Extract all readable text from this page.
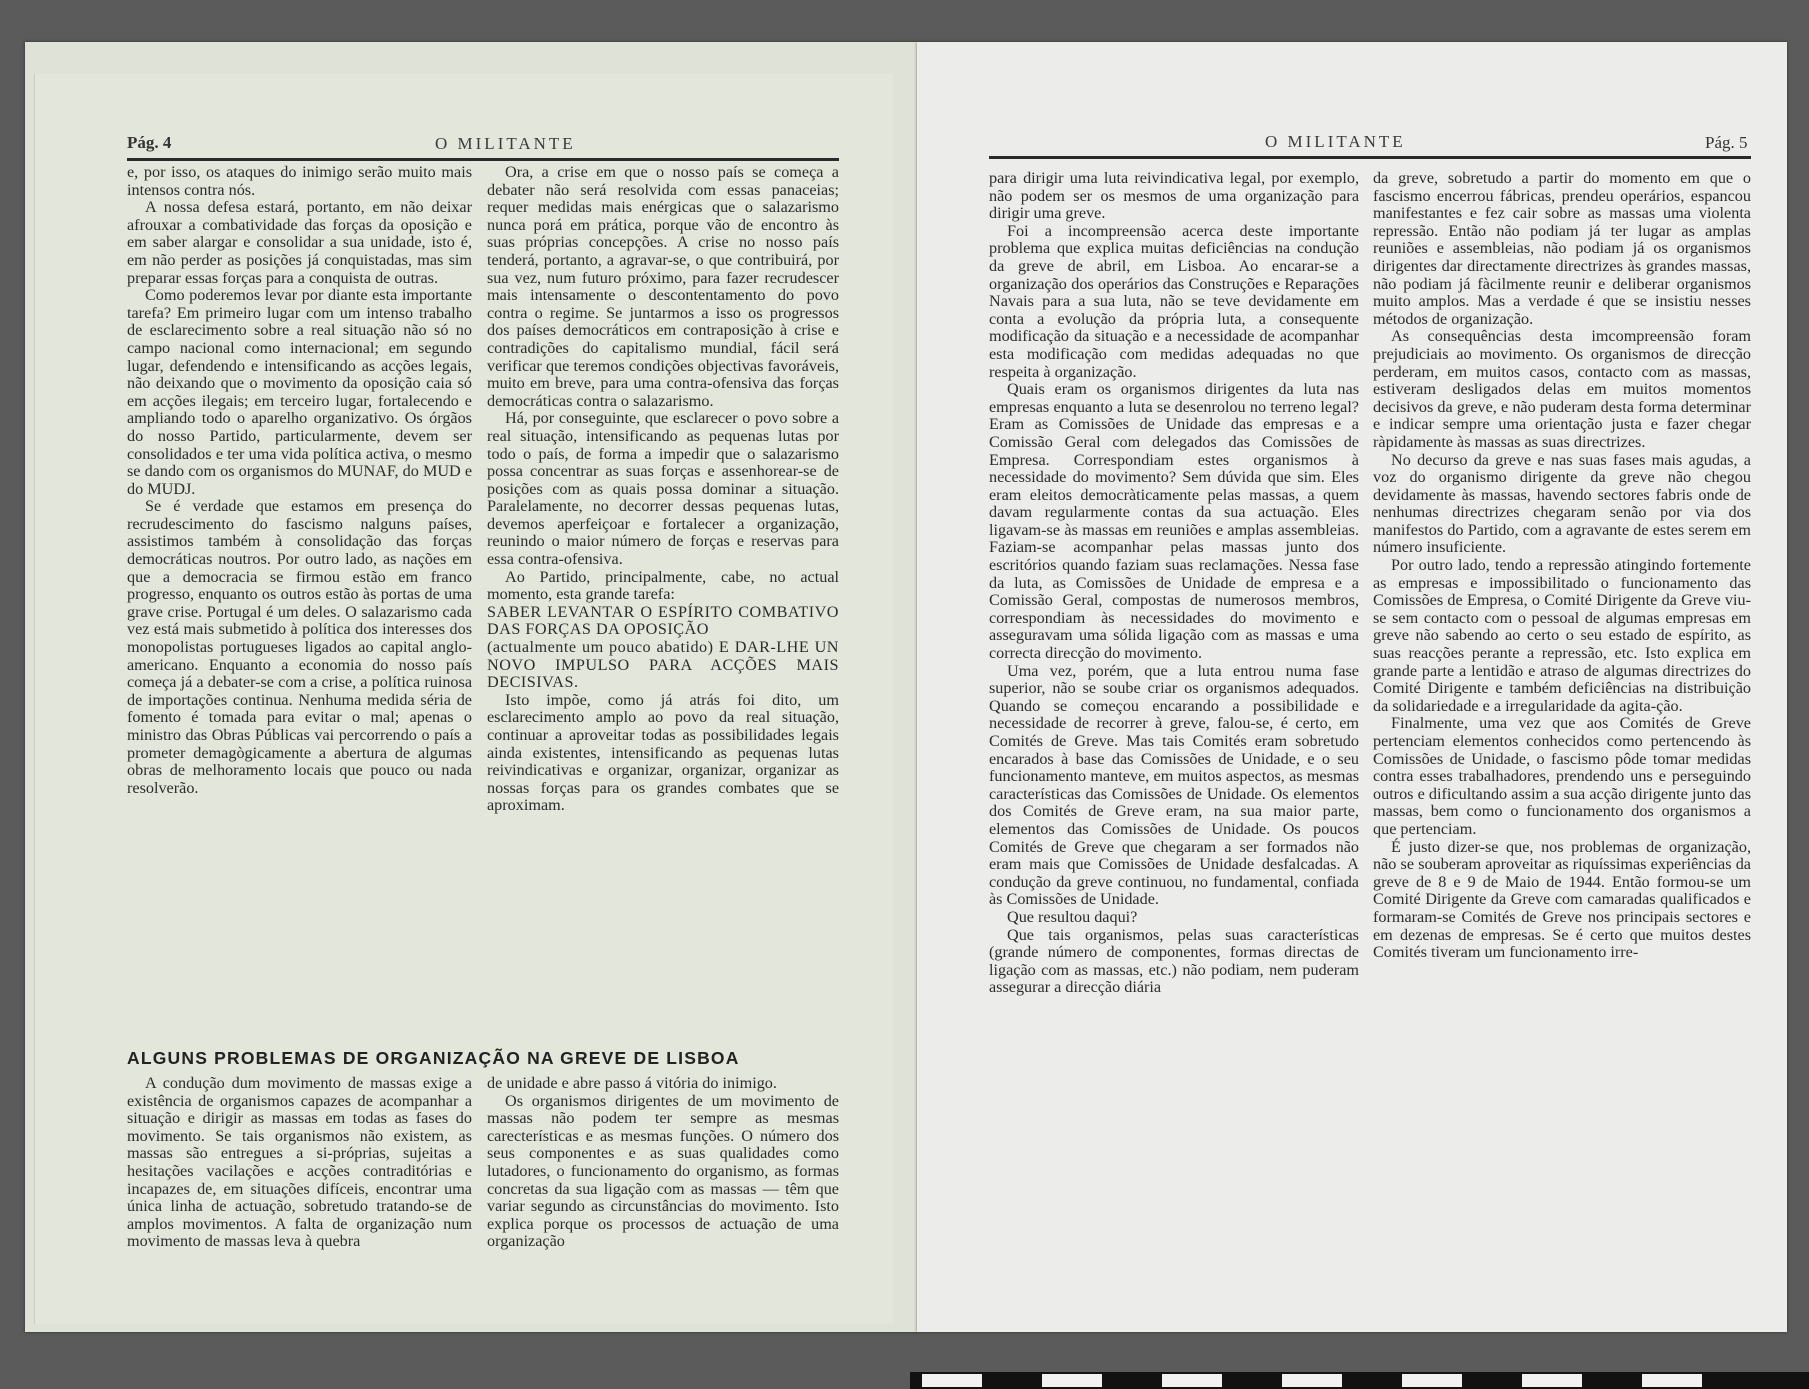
Pág. 4	O MILITANTE

e, por isso, os ataques do inimigo serão muito mais intensos contra nós.

A nossa defesa estará, portanto, em não deixar afrouxar a combatividade das forças da oposição e em saber alargar e consolidar a sua unidade, isto é, em não perder as posições já conquistadas, mas sim preparar essas forças para a conquista de outras.

Como poderemos levar por diante esta importante tarefa? Em primeiro lugar com um intenso trabalho de esclarecimento sobre a real situação não só no campo nacional como internacional; em segundo lugar, defendendo e intensificando as acções legais, não deixando que o movimento da oposição caia só em acções ilegais; em terceiro lugar, fortalecendo e ampliando todo o aparelho organizativo. Os órgãos do nosso Partido, particularmente, devem ser consolidados e ter uma vida política activa, o mesmo se dando com os organismos do MUNAF, do MUD e do MUDJ.

Se é verdade que estamos em presença do recrudescimento do fascismo nalguns países, assistimos também à consolidação das forças democráticas noutros. Por outro lado, as nações em que a democracia se firmou estão em franco progresso, enquanto os outros estão às portas de uma grave crise. Portugal é um deles. O salazarismo cada vez está mais submetido à política dos interesses dos monopolistas portugueses ligados ao capital anglo-americano. Enquanto a economia do nosso país começa já a debater-se com a crise, a política ruinosa de importações continua. Nenhuma medida séria de fomento é tomada para evitar o mal; apenas o ministro das Obras Públicas vai percorrendo o país a prometer demagògicamente a abertura de algumas obras de melhoramento locais que pouco ou nada resolverão.

Ora, a crise em que o nosso país se começa a debater não será resolvida com essas panaceias; requer medidas mais enérgicas que o salazarismo nunca porá em prática, porque vão de encontro às suas próprias concepções. A crise no nosso país tenderá, portanto, a agravar-se, o que contribuirá, por sua vez, num futuro próximo, para fazer recrudescer mais intensamente o descontentamento do povo contra o regime. Se juntarmos a isso os progressos dos países democráticos em contraposição à crise e contradições do capitalismo mundial, fácil será verificar que teremos condições objectivas favoráveis, muito em breve, para uma contra-ofensiva das forças democráticas contra o salazarismo.

Há, por conseguinte, que esclarecer o povo sobre a real situação, intensificando as pequenas lutas por todo o país, de forma a impedir que o salazarismo possa concentrar as suas forças e assenhorear-se de posições com as quais possa dominar a situação. Paralelamente, no decorrer dessas pequenas lutas, devemos aperfeiçoar e fortalecer a organização, reunindo o maior número de forças e reservas para essa contra-ofensiva.

Ao Partido, principalmente, cabe, no actual momento, esta grande tarefa:

SABER LEVANTAR O ESPÍRITO COMBATIVO DAS FORÇAS DA OPOSIÇÃO

(actualmente um pouco abatido) E DAR-LHE UN NOVO IMPULSO PARA ACÇÕES MAIS DECISIVAS.

Isto impõe, como já atrás foi dito, um esclarecimento amplo ao povo da real situação, continuar a aproveitar todas as possibilidades legais ainda existentes, intensificando as pequenas lutas reivindicativas e organizar, organizar, organizar as nossas forças para os grandes combates que se aproximam.

ALGUNS PROBLEMAS DE ORGANIZAÇÃO NA GREVE DE LISBOA

A condução dum movimento de massas exige a existência de organismos capazes de acompanhar a situação e dirigir as massas em todas as fases do movimento. Se tais organismos não existem, as massas são entregues a si-próprias, sujeitas a hesitações vacilações e acções contraditórias e incapazes de, em situações difíceis, encontrar uma única linha de actuação, sobretudo tratando-se de amplos movimentos. A falta de organização num movimento de massas leva à quebra

de unidade e abre passo á vitória do inimigo.

Os organismos dirigentes de um movimento de massas não podem ter sempre as mesmas carecterísticas e as mesmas funções. O número dos seus componentes e as suas qualidades como lutadores, o funcionamento do organismo, as formas concretas da sua ligação com as massas — têm que variar segundo as circunstâncias do movimento. Isto explica porque os processos de actuação de uma organização

O MILITANTE	Pág. 5

para dirigir uma luta reivindicativa legal, por exemplo, não podem ser os mesmos de uma organização para dirigir uma greve.

Foi a incompreensão acerca deste importante problema que explica muitas deficiências na condução da greve de abril, em Lisboa. Ao encarar-se a organização dos operários das Construções e Reparações Navais para a sua luta, não se teve devidamente em conta a evolução da própria luta, a consequente modificação da situação e a necessidade de acompanhar esta modificação com medidas adequadas no que respeita à organização.

Quais eram os organismos dirigentes da luta nas empresas enquanto a luta se desenrolou no terreno legal? Eram as Comissões de Unidade das empresas e a Comissão Geral com delegados das Comissões de Empresa. Correspondiam estes organismos à necessidade do movimento? Sem dúvida que sim. Eles eram eleitos democràticamente pelas massas, a quem davam regularmente contas da sua actuação. Eles ligavam-se às massas em reuniões e amplas assembleias. Faziam-se acompanhar pelas massas junto dos escritórios quando faziam suas reclamações. Nessa fase da luta, as Comissões de Unidade de empresa e a Comissão Geral, compostas de numerosos membros, correspondiam às necessidades do movimento e asseguravam uma sólida ligação com as massas e uma correcta direcção do movimento.

Uma vez, porém, que a luta entrou numa fase superior, não se soube criar os organismos adequados. Quando se começou encarando a possibilidade e necessidade de recorrer à greve, falou-se, é certo, em Comités de Greve. Mas tais Comités eram sobretudo encarados à base das Comissões de Unidade, e o seu funcionamento manteve, em muitos aspectos, as mesmas características das Comissões de Unidade. Os elementos dos Comités de Greve eram, na sua maior parte, elementos das Comissões de Unidade. Os poucos Comités de Greve que chegaram a ser formados não eram mais que Comissões de Unidade desfalcadas. A condução da greve continuou, no fundamental, confiada às Comissões de Unidade.

Que resultou daqui?

Que tais organismos, pelas suas características (grande número de componentes, formas directas de ligação com as massas, etc.) não podiam, nem puderam assegurar a direcção diária

da greve, sobretudo a partir do momento em que o fascismo encerrou fábricas, prendeu operários, espancou manifestantes e fez cair sobre as massas uma violenta repressão. Então não podiam já ter lugar as amplas reuniões e assembleias, não podiam já os organismos dirigentes dar directamente directrizes às grandes massas, não podiam já fàcilmente reunir e deliberar organismos muito amplos. Mas a verdade é que se insistiu nesses métodos de organização.

As consequências desta imcompreensão foram prejudiciais ao movimento. Os organismos de direcção perderam, em muitos casos, contacto com as massas, estiveram desligados delas em muitos momentos decisivos da greve, e não puderam desta forma determinar e indicar sempre uma orientação justa e fazer chegar ràpidamente às massas as suas directrizes.

No decurso da greve e nas suas fases mais agudas, a voz do organismo dirigente da greve não chegou devidamente às massas, havendo sectores fabris onde de nenhumas directrizes chegaram senão por via dos manifestos do Partido, com a agravante de estes serem em número insuficiente.

Por outro lado, tendo a repressão atingindo fortemente as empresas e impossibilitado o funcionamento das Comissões de Empresa, o Comité Dirigente da Greve viu-se sem contacto com o pessoal de algumas empresas em greve não sabendo ao certo o seu estado de espírito, as suas reacções perante a repressão, etc. Isto explica em grande parte a lentidão e atraso de algumas directrizes do Comité Dirigente e também deficiências na distribuição da solidariedade e a irregularidade da agita-ção.

Finalmente, uma vez que aos Comités de Greve pertenciam elementos conhecidos como pertencendo às Comissões de Unidade, o fascismo pôde tomar medidas contra esses trabalhadores, prendendo uns e perseguindo outros e dificultando assim a sua acção dirigente junto das massas, bem como o funcionamento dos organismos a que pertenciam.

É justo dizer-se que, nos problemas de organização, não se souberam aproveitar as riquíssimas experiências da greve de 8 e 9 de Maio de 1944. Então formou-se um Comité Dirigente da Greve com camaradas qualificados e formaram-se Comités de Greve nos principais sectores e em dezenas de empresas. Se é certo que muitos destes Comités tiveram um funcionamento irre-
